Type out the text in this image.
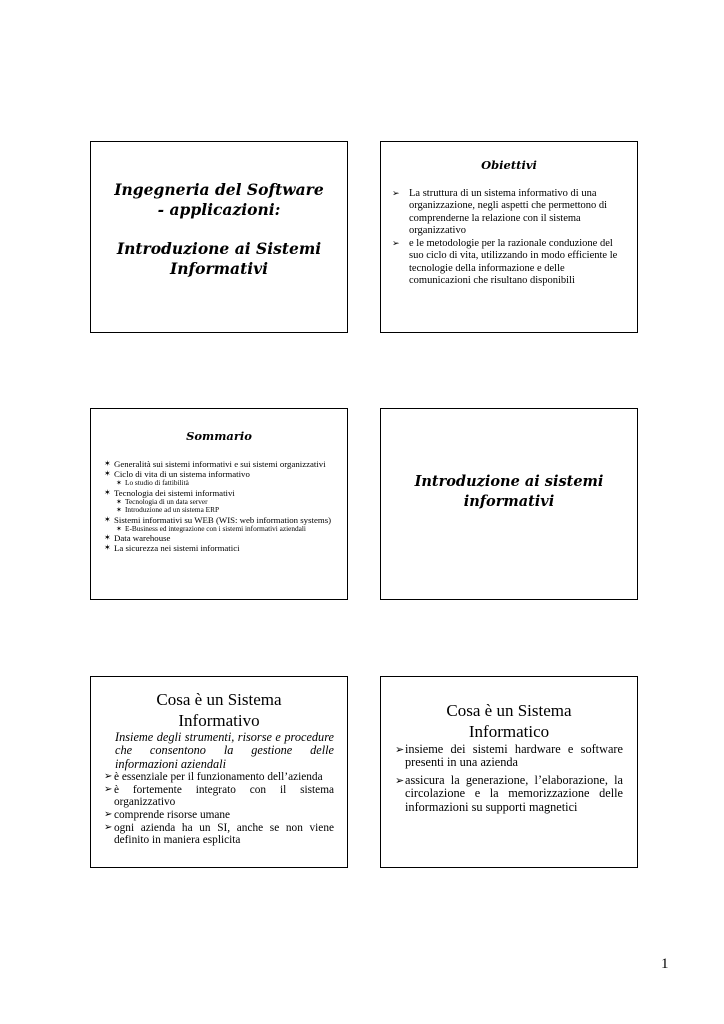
Ingegneria del Software
- applicazioni:
Introduzione ai Sistemi
Informativi
Obiettivi
➢ La struttura di un sistema informativo di una organizzazione, negli aspetti che permettono di comprenderne la relazione con il sistema organizzativo
➢ e le metodologie per la razionale conduzione del suo ciclo di vita, utilizzando in modo efficiente le tecnologie della informazione e delle comunicazioni che risultano disponibili
Sommario
✶ Generalità sui sistemi informativi e sui sistemi organizzativi
✶ Ciclo di vita di un sistema informativo
✶ Lo studio di fattibilità
✶ Tecnologia dei sistemi informativi
✶ Tecnologia di un data server
✶ Introduzione ad un sistema ERP
✶ Sistemi informativi su WEB (WIS: web information systems)
✶ E-Business ed integrazione con i sistemi informativi aziendali
✶ Data warehouse
✶ La sicurezza nei sistemi informatici
Introduzione ai sistemi
informativi
Cosa è un Sistema
Informativo
Insieme degli strumenti, risorse e procedure che consentono la gestione delle informazioni aziendali
➢ è essenziale per il funzionamento dell’azienda
➢ è fortemente integrato con il sistema organizzativo
➢ comprende risorse umane
➢ ogni azienda ha un SI, anche se non viene definito in maniera esplicita
Cosa è un Sistema
Informatico
➢ insieme dei sistemi hardware e software presenti in una azienda
➢ assicura la generazione, l’elaborazione, la circolazione e la memorizzazione delle informazioni su supporti magnetici
1
